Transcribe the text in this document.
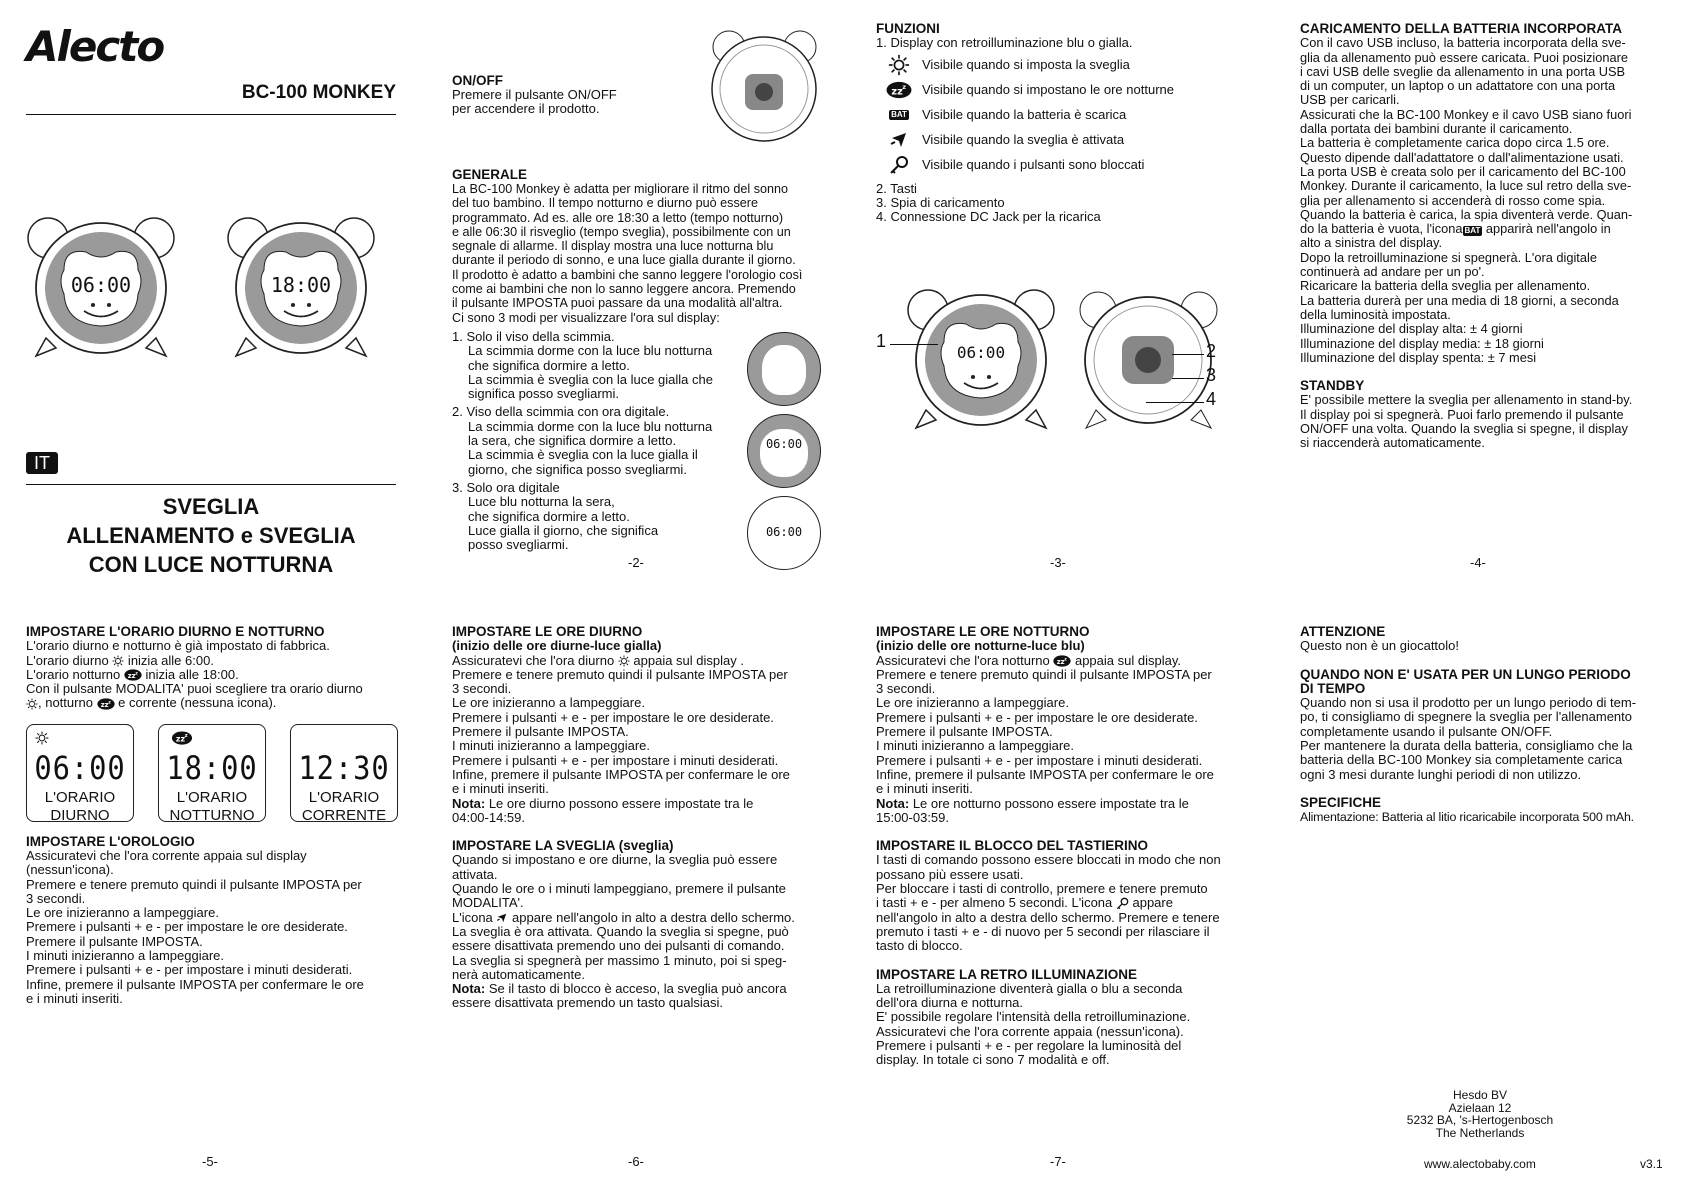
Alecto
BC-100 MONKEY
06:00	18:00
IT
SVEGLIA
ALLENAMENTO e SVEGLIA
CON LUCE NOTTURNA
ON/OFF
Premere il pulsante ON/OFF
per accendere il prodotto.
GENERALE
La BC-100 Monkey è adatta per migliorare il ritmo del sonno
del tuo bambino. Il tempo notturno e diurno può essere
programmato. Ad es. alle ore 18:30 a letto (tempo notturno)
e alle 06:30 il risveglio (tempo sveglia), possibilmente con un
segnale di allarme. Il display mostra una luce notturna blu
durante il periodo di sonno, e una luce gialla durante il giorno.
Il prodotto è adatto a bambini che sanno leggere l'orologio così
come ai bambini che non lo sanno leggere ancora. Premendo
il pulsante IMPOSTA puoi passare da una modalità all'altra.
Ci sono 3 modi per visualizzare l'ora sul display:
1. Solo il viso della scimmia.
La scimmia dorme con la luce blu notturna
che significa dormire a letto.
La scimmia è sveglia con la luce gialla che
significa posso svegliarmi.
2. Viso della scimmia con ora digitale.
La scimmia dorme con la luce blu notturna
la sera, che significa dormire a letto.
La scimmia è sveglia con la luce gialla il
giorno, che significa posso svegliarmi.
3. Solo ora digitale
Luce blu notturna la sera,
che significa dormire a letto.
Luce gialla il giorno, che significa
posso svegliarmi.
06:00
06:00
-2-
FUNZIONI
1. Display con retroilluminazione blu o gialla.
Visibile quando si imposta la sveglia
Visibile quando si impostano le ore notturne
BAT Visibile quando la batteria è scarica
Visibile quando la sveglia è attivata
Visibile quando i pulsanti sono bloccati
2. Tasti
3. Spia di caricamento
4. Connessione DC Jack per la ricarica
06:00
1	2
3
4
-3-
CARICAMENTO DELLA BATTERIA INCORPORATA
Con il cavo USB incluso, la batteria incorporata della sve-
glia da allenamento può essere caricata. Puoi posizionare
i cavi USB delle sveglie da allenamento in una porta USB
di un computer, un laptop o un adattatore con una porta
USB per caricarli.
Assicurati che la BC-100 Monkey e il cavo USB siano fuori
dalla portata dei bambini durante il caricamento.
La batteria è completamente carica dopo circa 1.5 ore.
Questo dipende dall'adattatore o dall'alimentazione usati.
La porta USB è creata solo per il caricamento del BC-100
Monkey. Durante il caricamento, la luce sul retro della sve-
glia per allenamento si accenderà di rosso come spia.
Quando la batteria è carica, la spia diventerà verde. Quan-
do la batteria è vuota, l'icona BAT apparirà nell'angolo in
alto a sinistra del display.
Dopo la retroilluminazione si spegnerà. L'ora digitale
continuerà ad andare per un po'.
Ricaricare la batteria della sveglia per allenamento.
La batteria durerà per una media di 18 giorni, a seconda
della luminosità impostata.
Illuminazione del display alta: ± 4 giorni
Illuminazione del display media: ± 18 giorni
Illuminazione del display spenta: ± 7 mesi
STANDBY
E' possibile mettere la sveglia per allenamento in stand-by.
Il display poi si spegnerà. Puoi farlo premendo il pulsante
ON/OFF una volta. Quando la sveglia si spegne, il display
si riaccenderà automaticamente.
-4-
IMPOSTARE L'ORARIO DIURNO E NOTTURNO
L'orario diurno e notturno è già impostato di fabbrica.
L'orario diurno  inizia alle 6:00.
L'orario notturno  inizia alle 18:00.
Con il pulsante MODALITA' puoi scegliere tra orario diurno
, notturno  e corrente (nessuna icona).
06:00
L'ORARIO
DIURNO
18:00
L'ORARIO
NOTTURNO
12:30
L'ORARIO
CORRENTE
IMPOSTARE L'OROLOGIO
Assicuratevi che l'ora corrente appaia sul display
(nessun'icona).
Premere e tenere premuto quindi il pulsante IMPOSTA per
3 secondi.
Le ore inizieranno a lampeggiare.
Premere i pulsanti + e - per impostare le ore desiderate.
Premere il pulsante IMPOSTA.
I minuti inizieranno a lampeggiare.
Premere i pulsanti + e - per impostare i minuti desiderati.
Infine, premere il pulsante IMPOSTA per confermare le ore
e i minuti inseriti.
-5-
IMPOSTARE LE ORE DIURNO
(inizio delle ore diurne-luce gialla)
Assicuratevi che l'ora diurno  appaia sul display .
Premere e tenere premuto quindi il pulsante IMPOSTA per
3 secondi.
Le ore inizieranno a lampeggiare.
Premere i pulsanti + e - per impostare le ore desiderate.
Premere il pulsante IMPOSTA.
I minuti inizieranno a lampeggiare.
Premere i pulsanti + e - per impostare i minuti desiderati.
Infine, premere il pulsante IMPOSTA per confermare le ore
e i minuti inseriti.
Nota: Le ore diurno possono essere impostate tra le
04:00-14:59.
IMPOSTARE LA SVEGLIA (sveglia)
Quando si impostano e ore diurne, la sveglia può essere
attivata.
Quando le ore o i minuti lampeggiano, premere il pulsante
MODALITA'.
L'icona  appare nell'angolo in alto a destra dello schermo.
La sveglia è ora attivata. Quando la sveglia si spegne, può
essere disattivata premendo uno dei pulsanti di comando.
La sveglia si spegnerà per massimo 1 minuto, poi si speg-
nerà automaticamente.
Nota: Se il tasto di blocco è acceso, la sveglia può ancora
essere disattivata premendo un tasto qualsiasi.
-6-
IMPOSTARE LE ORE NOTTURNO
(inizio delle ore notturne-luce blu)
Assicuratevi che l'ora notturno  appaia sul display.
Premere e tenere premuto quindi il pulsante IMPOSTA per
3 secondi.
Le ore inizieranno a lampeggiare.
Premere i pulsanti + e - per impostare le ore desiderate.
Premere il pulsante IMPOSTA.
I minuti inizieranno a lampeggiare.
Premere i pulsanti + e - per impostare i minuti desiderati.
Infine, premere il pulsante IMPOSTA per confermare le ore
e i minuti inseriti.
Nota: Le ore notturno possono essere impostate tra le
15:00-03:59.
IMPOSTARE IL BLOCCO DEL TASTIERINO
I tasti di comando possono essere bloccati in modo che non
possano più essere usati.
Per bloccare i tasti di controllo, premere e tenere premuto
i tasti + e - per almeno 5 secondi. L'icona  appare
nell'angolo in alto a destra dello schermo. Premere e tenere
premuto i tasti + e - di nuovo per 5 secondi per rilasciare il
tasto di blocco.
IMPOSTARE LA RETRO ILLUMINAZIONE
La retroilluminazione diventerà gialla o blu a seconda
dell'ora diurna e notturna.
E' possibile regolare l'intensità della retroilluminazione.
Assicuratevi che l'ora corrente appaia (nessun'icona).
Premere i pulsanti + e - per regolare la luminosità del
display. In totale ci sono 7 modalità e off.
-7-
ATTENZIONE
Questo non è un giocattolo!
QUANDO NON E' USATA PER UN LUNGO PERIODO
DI TEMPO
Quando non si usa il prodotto per un lungo periodo di tem-
po, ti consigliamo di spegnere la sveglia per l'allenamento
completamente usando il pulsante ON/OFF.
Per mantenere la durata della batteria, consigliamo che la
batteria della BC-100 Monkey sia completamente carica
ogni 3 mesi durante lunghi periodi di non utilizzo.
SPECIFICHE
Alimentazione: Batteria al litio ricaricabile incorporata 500 mAh.
Hesdo BV
Azielaan 12
5232 BA, 's-Hertogenbosch
The Netherlands
www.alectobaby.com	v3.1
